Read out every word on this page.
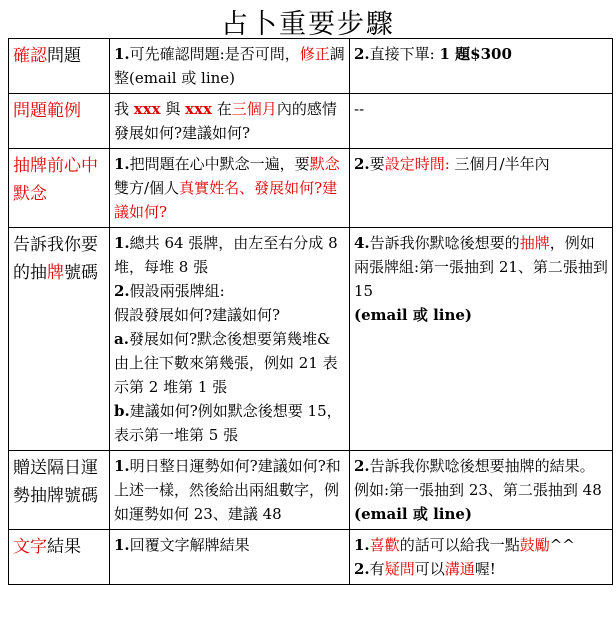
占卜重要步驟
確認問題	1.可先確認問題:是否可問，修正調整(email 或 line)	2.直接下單: 1 題$300
問題範例	我 xxx 與 xxx 在三個月內的感情發展如何?建議如何?	--
抽牌前心中默念	1.把問題在心中默念一遍，要默念雙方/個人真實姓名、發展如何?建議如何?	2.要設定時間: 三個月/半年內
告訴我你要的抽牌號碼	1.總共 64 張牌，由左至右分成 8 堆，每堆 8 張
2.假設兩張牌組:
假設發展如何?建議如何?
a.發展如何?默念後想要第幾堆&由上往下數來第幾張，例如 21 表示第 2 堆第 1 張
b.建議如何?例如默念後想要 15，表示第一堆第 5 張	4.告訴我你默唸後想要的抽牌，例如兩張牌組:第一張抽到 21、第二張抽到 15
(email 或 line)
贈送隔日運勢抽牌號碼	1.明日整日運勢如何?建議如何?和上述一樣，然後給出兩組數字，例如運勢如何 23、建議 48	2.告訴我你默唸後想要抽牌的結果。例如:第一張抽到 23、第二張抽到 48 (email 或 line)
文字結果	1.回覆文字解牌結果	1.喜歡的話可以給我一點鼓勵^^
2.有疑問可以溝通喔!
